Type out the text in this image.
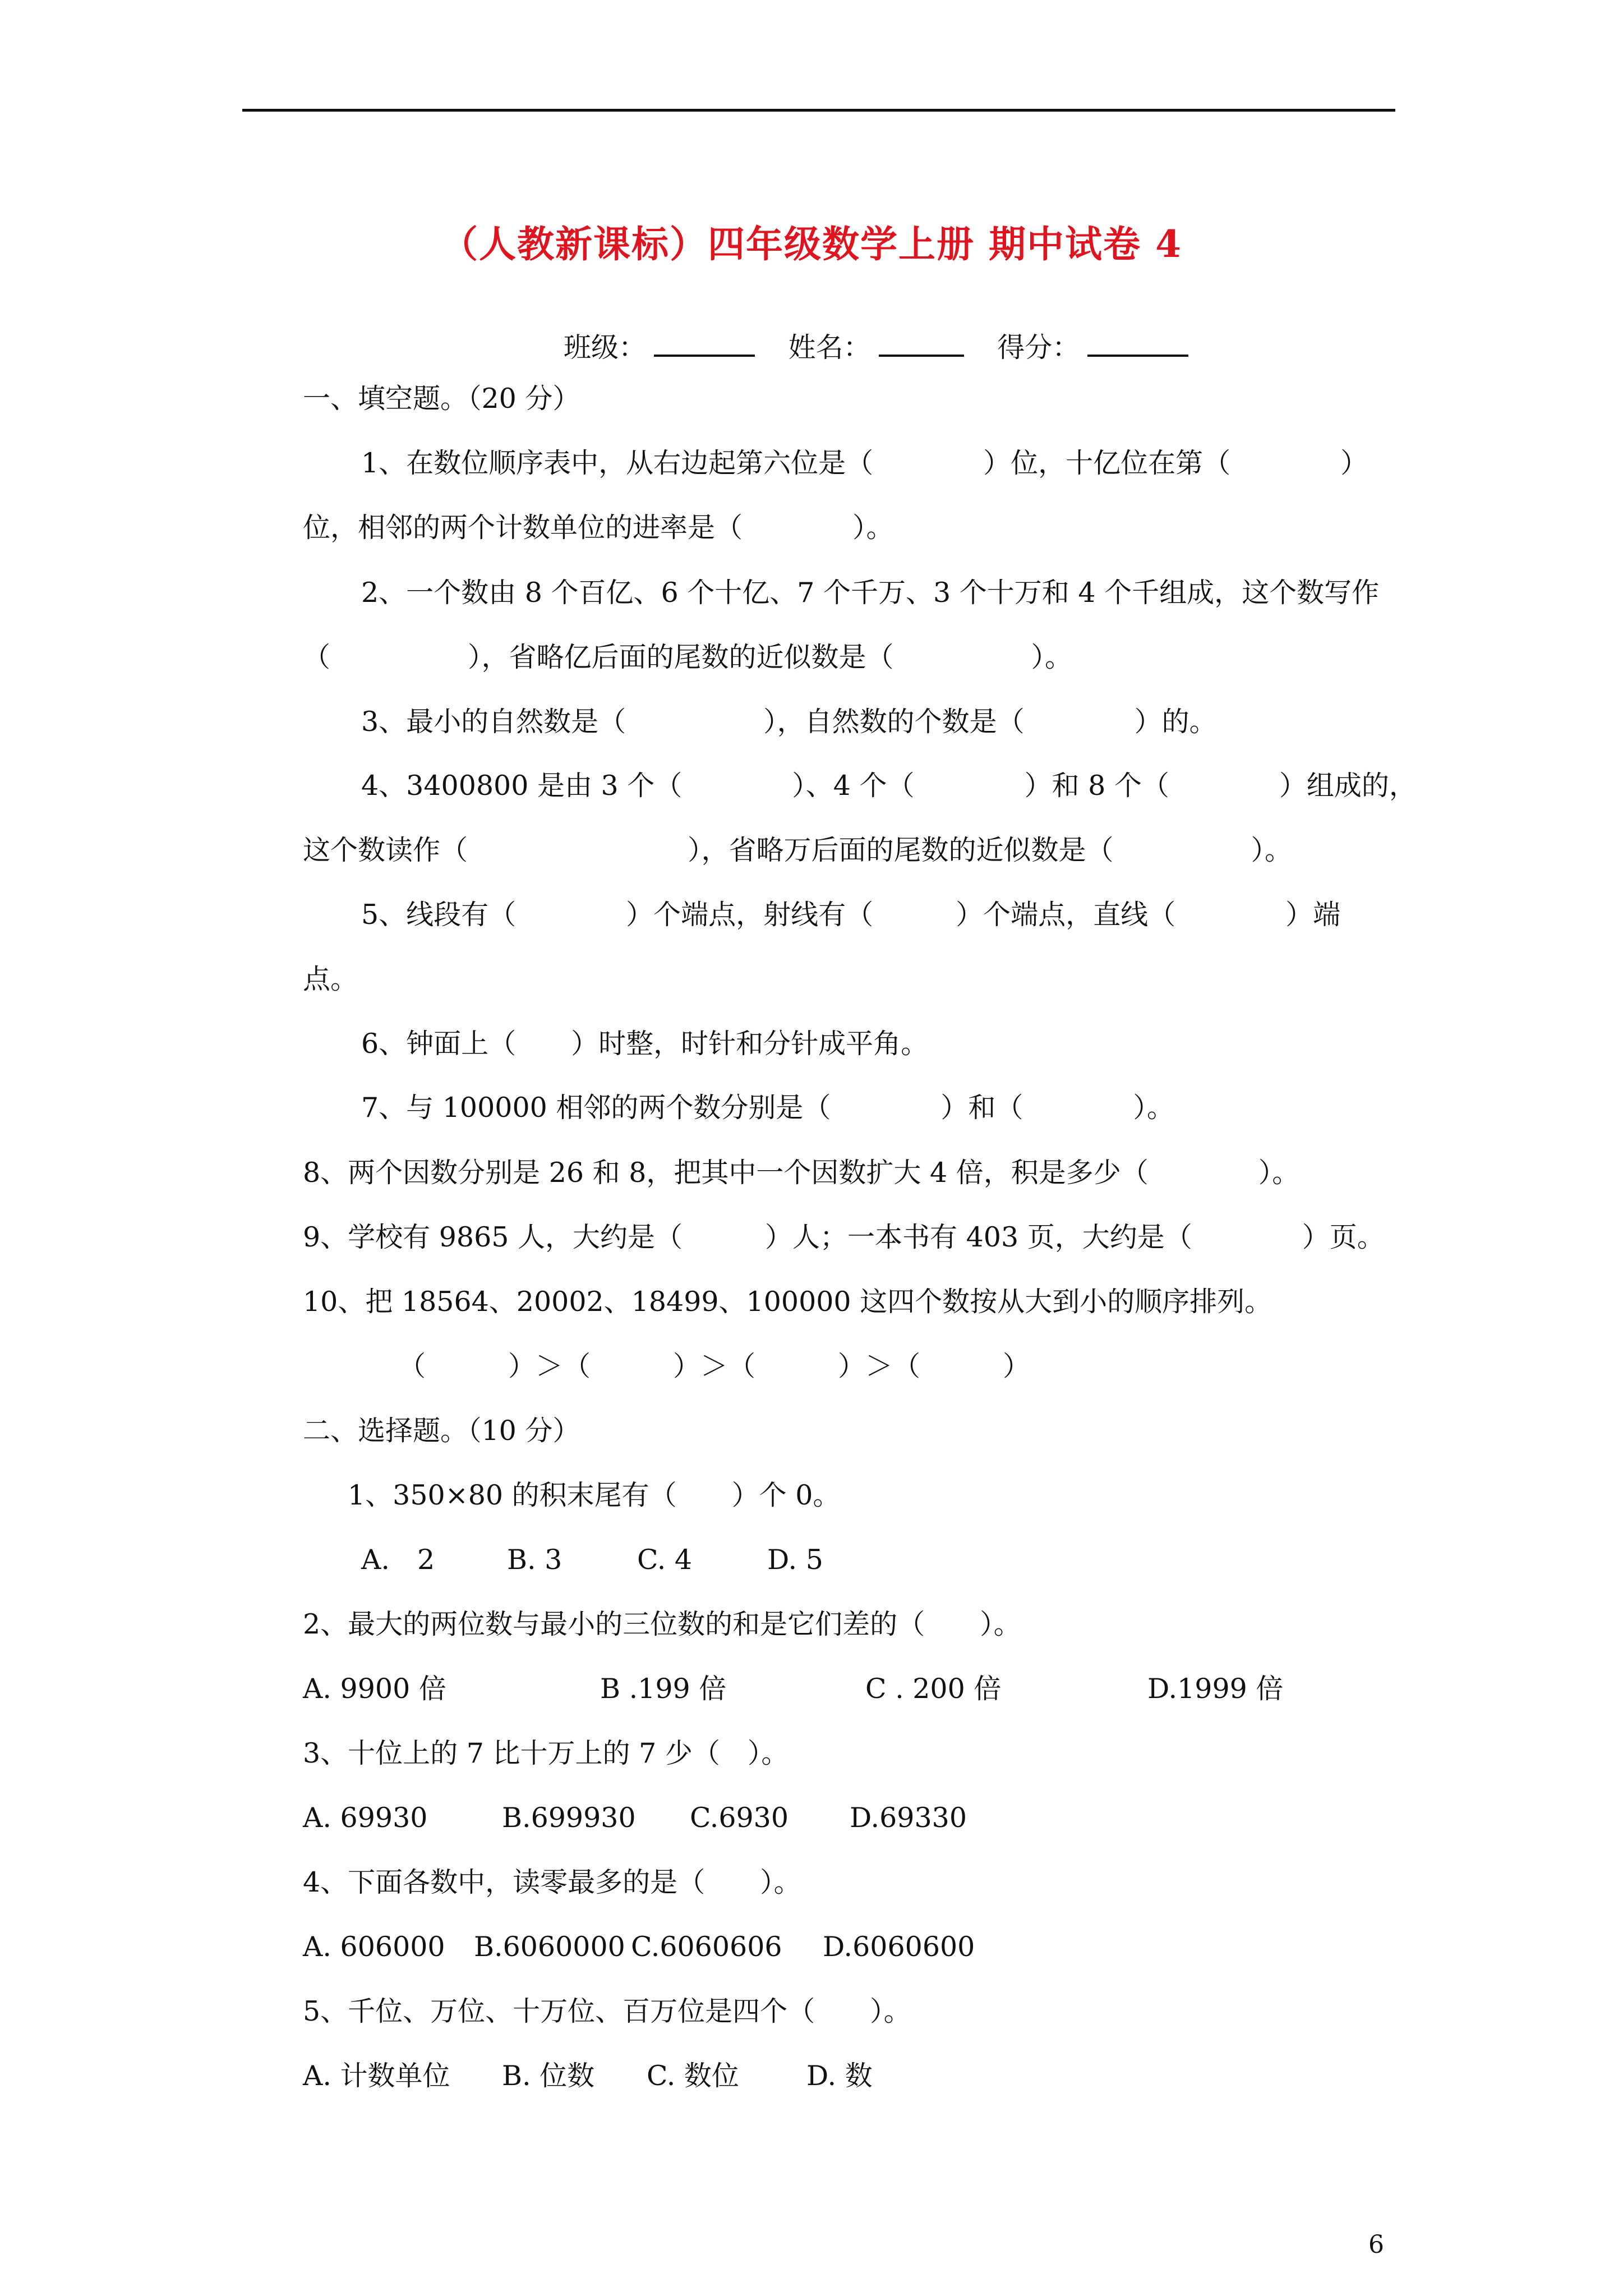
（人教新课标）四年级数学上册 期中试卷 4
班级：	姓名：	得分：
一、填空题。（20 分）
1、在数位顺序表中，从右边起第六位是（　　　　）位，十亿位在第（　　　　）
位，相邻的两个计数单位的进率是（　　　　）。
2、一个数由 8 个百亿、6 个十亿、7 个千万、3 个十万和 4 个千组成，这个数写作
（　　　　　），省略亿后面的尾数的近似数是（　　　　　）。
3、最小的自然数是（　　　　　），自然数的个数是（　　　　）的。
4、3400800 是由 3 个（　　　　）、4 个（　　　　）和 8 个（　　　　）组成的，
这个数读作（　　　　　　　　），省略万后面的尾数的近似数是（　　　　　）。
5、线段有（　　　　）个端点，射线有（　　　）个端点，直线（　　　　）端
点。
6、钟面上（　　）时整，时针和分针成平角。
7、与 100000 相邻的两个数分别是（　　　　）和（　　　　）。
8、两个因数分别是 26 和 8，把其中一个因数扩大 4 倍，积是多少（　　　　）。
9、学校有 9865 人，大约是（　　　）人；一本书有 403 页，大约是（　　　　）页。
10、把 18564、20002、18499、100000 这四个数按从大到小的顺序排列。
（　　　）＞（　　　）＞（　　　）＞（　　　）
二、选择题。（10 分）
1、350×80 的积末尾有（　　）个 0。
A.　2	B. 3	C. 4	D. 5
2、最大的两位数与最小的三位数的和是它们差的（　　）。
A. 9900 倍	B .199 倍	C . 200 倍	D.1999 倍
3、十位上的 7 比十万上的 7 少（　）。
A. 69930	B.699930 C.6930 D.69330
4、下面各数中，读零最多的是（　　）。
A. 606000 B.6060000 C.6060606 D.6060600
5、千位、万位、十万位、百万位是四个（　　）。
A. 计数单位 B. 位数 C. 数位 D. 数
6
